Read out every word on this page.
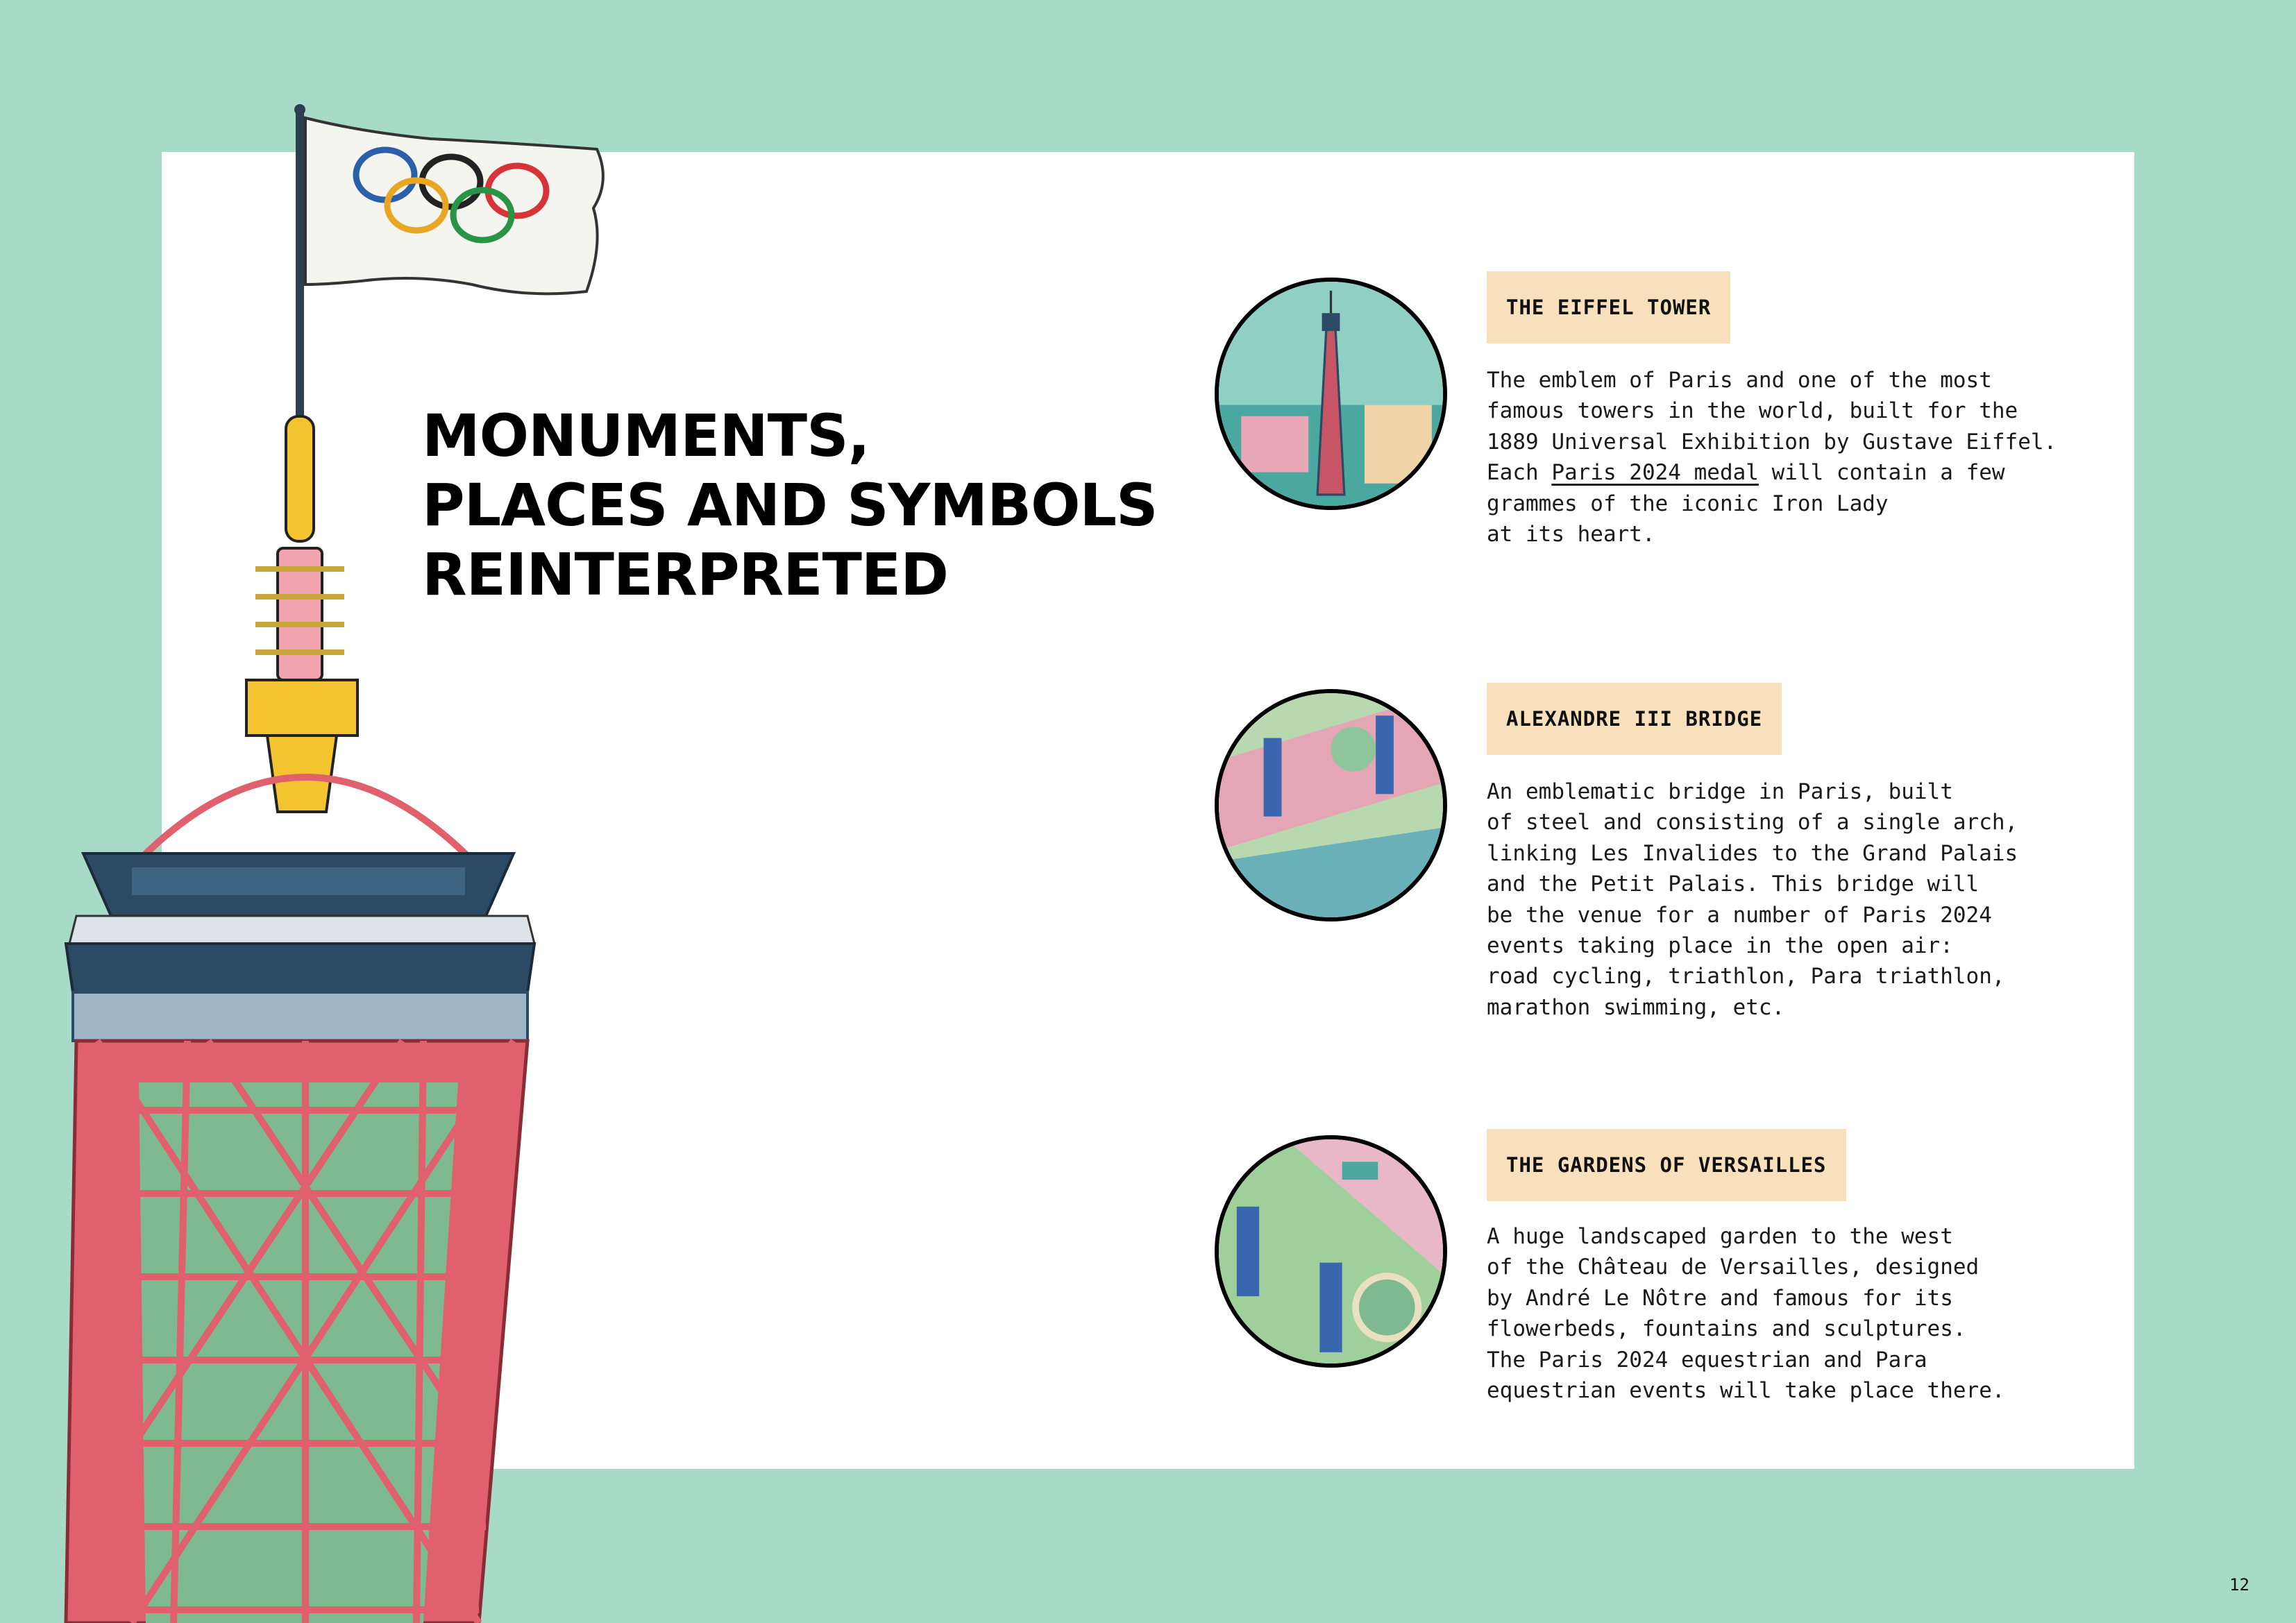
MONUMENTS,
PLACES AND SYMBOLS
REINTERPRETED
THE EIFFEL TOWER
The emblem of Paris and one of the most
famous towers in the world, built for the
1889 Universal Exhibition by Gustave Eiffel.
Each Paris 2024 medal will contain a few
grammes of the iconic Iron Lady
at its heart.
ALEXANDRE III BRIDGE
An emblematic bridge in Paris, built
of steel and consisting of a single arch,
linking Les Invalides to the Grand Palais
and the Petit Palais. This bridge will
be the venue for a number of Paris 2024
events taking place in the open air:
road cycling, triathlon, Para triathlon,
marathon swimming, etc.
THE GARDENS OF VERSAILLES
A huge landscaped garden to the west
of the Château de Versailles, designed
by André Le Nôtre and famous for its
flowerbeds, fountains and sculptures.
The Paris 2024 equestrian and Para
equestrian events will take place there.
12
